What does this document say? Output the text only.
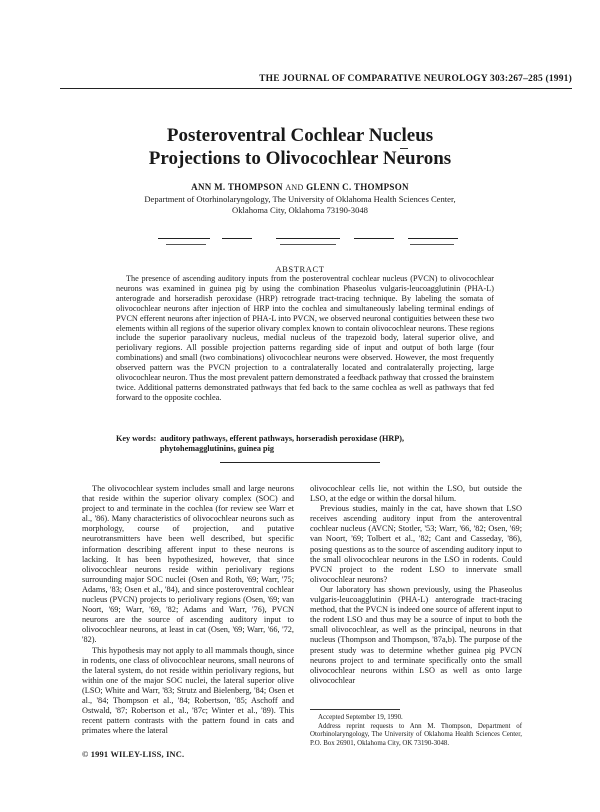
THE JOURNAL OF COMPARATIVE NEUROLOGY 303:267–285 (1991)
Posteroventral Cochlear Nucleus
Projections to Olivocochlear Neurons
ANN M. THOMPSON AND GLENN C. THOMPSON
Department of Otorhinolaryngology, The University of Oklahoma Health Sciences Center,
Oklahoma City, Oklahoma 73190-3048
ABSTRACT
The presence of ascending auditory inputs from the posteroventral cochlear nucleus (PVCN) to olivocochlear neurons was examined in guinea pig by using the combination Phaseolus vulgaris-leucoagglutinin (PHA-L) anterograde and horseradish peroxidase (HRP) retrograde tract-tracing technique. By labeling the somata of olivocochlear neurons after injection of HRP into the cochlea and simultaneously labeling terminal endings of PVCN efferent neurons after injection of PHA-L into PVCN, we observed neuronal contiguities between these two elements within all regions of the superior olivary complex known to contain olivocochlear neurons. These regions include the superior paraolivary nucleus, medial nucleus of the trapezoid body, lateral superior olive, and periolivary regions. All possible projection patterns regarding side of input and output of both large (four combinations) and small (two combinations) olivocochlear neurons were observed. However, the most frequently observed pattern was the PVCN projection to a contralaterally located and contralaterally projecting, large olivocochlear neuron. Thus the most prevalent pattern demonstrated a feedback pathway that crossed the brainstem twice. Additional patterns demonstrated pathways that fed back to the same cochlea as well as pathways that fed forward to the opposite cochlea.
Key words: auditory pathways, efferent pathways, horseradish peroxidase (HRP),
phytohemagglutinins, guinea pig

The olivocochlear system includes small and large neurons that reside within the superior olivary complex (SOC) and project to and terminate in the cochlea (for review see Warr et al., '86). Many characteristics of olivocochlear neurons such as morphology, course of projection, and putative neurotransmitters have been well described, but specific information describing afferent input to these neurons is lacking. It has been hypothesized, however, that since olivocochlear neurons reside within periolivary regions surrounding major SOC nuclei (Osen and Roth, '69; Warr, '75; Adams, '83; Osen et al., '84), and since posteroventral cochlear nucleus (PVCN) projects to periolivary regions (Osen, '69; van Noort, '69; Warr, '69, '82; Adams and Warr, '76), PVCN neurons are the source of ascending auditory input to olivocochlear neurons, at least in cat (Osen, '69; Warr, '66, '72, '82).

This hypothesis may not apply to all mammals though, since in rodents, one class of olivocochlear neurons, small neurons of the lateral system, do not reside within periolivary regions, but within one of the major SOC nuclei, the lateral superior olive (LSO; White and Warr, '83; Strutz and Bielenberg, '84; Osen et al., '84; Thompson et al., '84; Robertson, '85; Aschoff and Ostwald, '87; Robertson et al., '87c; Winter et al., '89). This recent pattern contrasts with the pattern found in cats and primates where the lateral

olivocochlear cells lie, not within the LSO, but outside the LSO, at the edge or within the dorsal hilum.

Previous studies, mainly in the cat, have shown that LSO receives ascending auditory input from the anteroventral cochlear nucleus (AVCN; Stotler, '53; Warr, '66, '82; Osen, '69; van Noort, '69; Tolbert et al., '82; Cant and Casseday, '86), posing questions as to the source of ascending auditory input to the small olivocochlear neurons in the LSO in rodents. Could PVCN project to the rodent LSO to innervate small olivocochlear neurons?

Our laboratory has shown previously, using the Phaseolus vulgaris-leucoagglutinin (PHA-L) anterograde tract-tracing method, that the PVCN is indeed one source of afferent input to the rodent LSO and thus may be a source of input to both the small olivocochlear, as well as the principal, neurons in that nucleus (Thompson and Thompson, '87a,b). The purpose of the present study was to determine whether guinea pig PVCN neurons project to and terminate specifically onto the small olivocochlear neurons within LSO as well as onto large olivocochlear

Accepted September 19, 1990.

Address reprint requests to Ann M. Thompson, Department of Otorhinolaryngology, The University of Oklahoma Health Sciences Center, P.O. Box 26901, Oklahoma City, OK 73190-3048.

© 1991 WILEY-LISS, INC.
